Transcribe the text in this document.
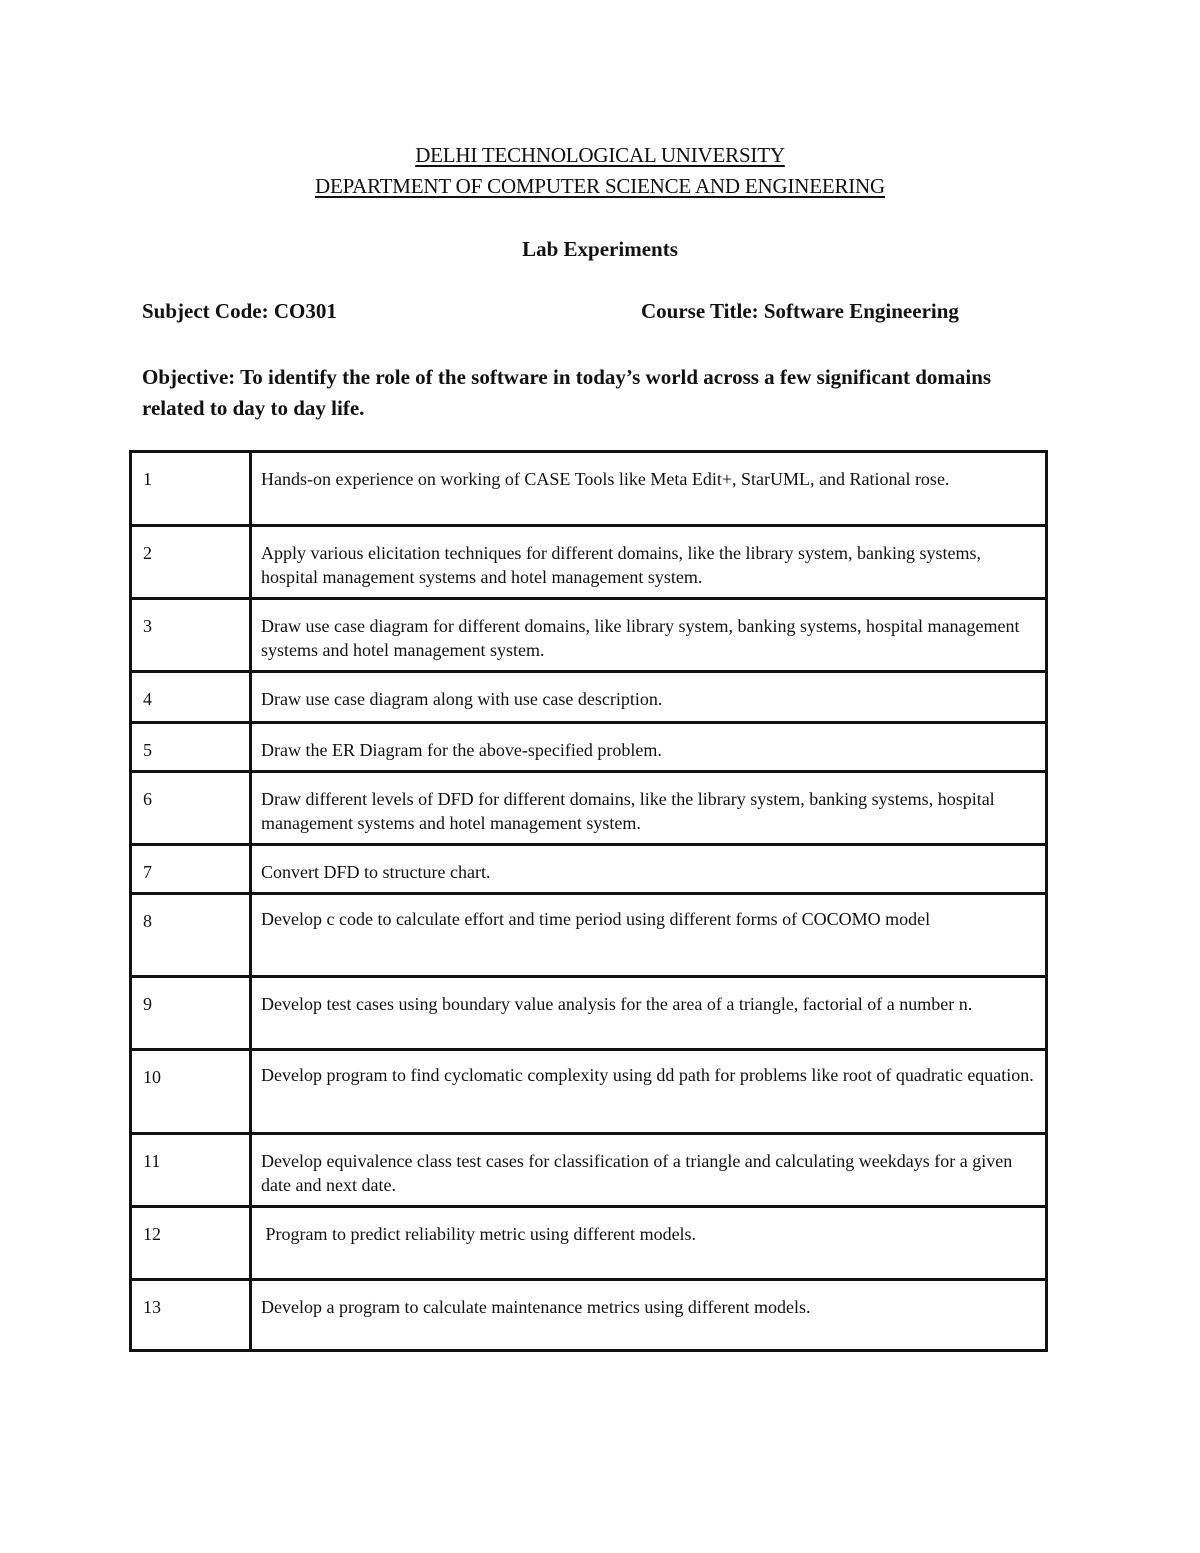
DELHI TECHNOLOGICAL UNIVERSITY
DEPARTMENT OF COMPUTER SCIENCE AND ENGINEERING
Lab Experiments
Subject Code: CO301	Course Title: Software Engineering
Objective: To identify the role of the software in today’s world across a few significant domains related to day to day life.
1	Hands-on experience on working of CASE Tools like Meta Edit+, StarUML, and Rational rose.
2	Apply various elicitation techniques for different domains, like the library system, banking systems, hospital management systems and hotel management system.
3	Draw use case diagram for different domains, like library system, banking systems, hospital management systems and hotel management system.
4	Draw use case diagram along with use case description.
5	Draw the ER Diagram for the above-specified problem.
6	Draw different levels of DFD for different domains, like the library system, banking systems, hospital management systems and hotel management system.
7	Convert DFD to structure chart.
8	Develop c code to calculate effort and time period using different forms of COCOMO model
9	Develop test cases using boundary value analysis for the area of a triangle, factorial of a number n.
10	Develop program to find cyclomatic complexity using dd path for problems like root of quadratic equation.
11	Develop equivalence class test cases for classification of a triangle and calculating weekdays for a given date and next date.
12	Program to predict reliability metric using different models.
13	Develop a program to calculate maintenance metrics using different models.
